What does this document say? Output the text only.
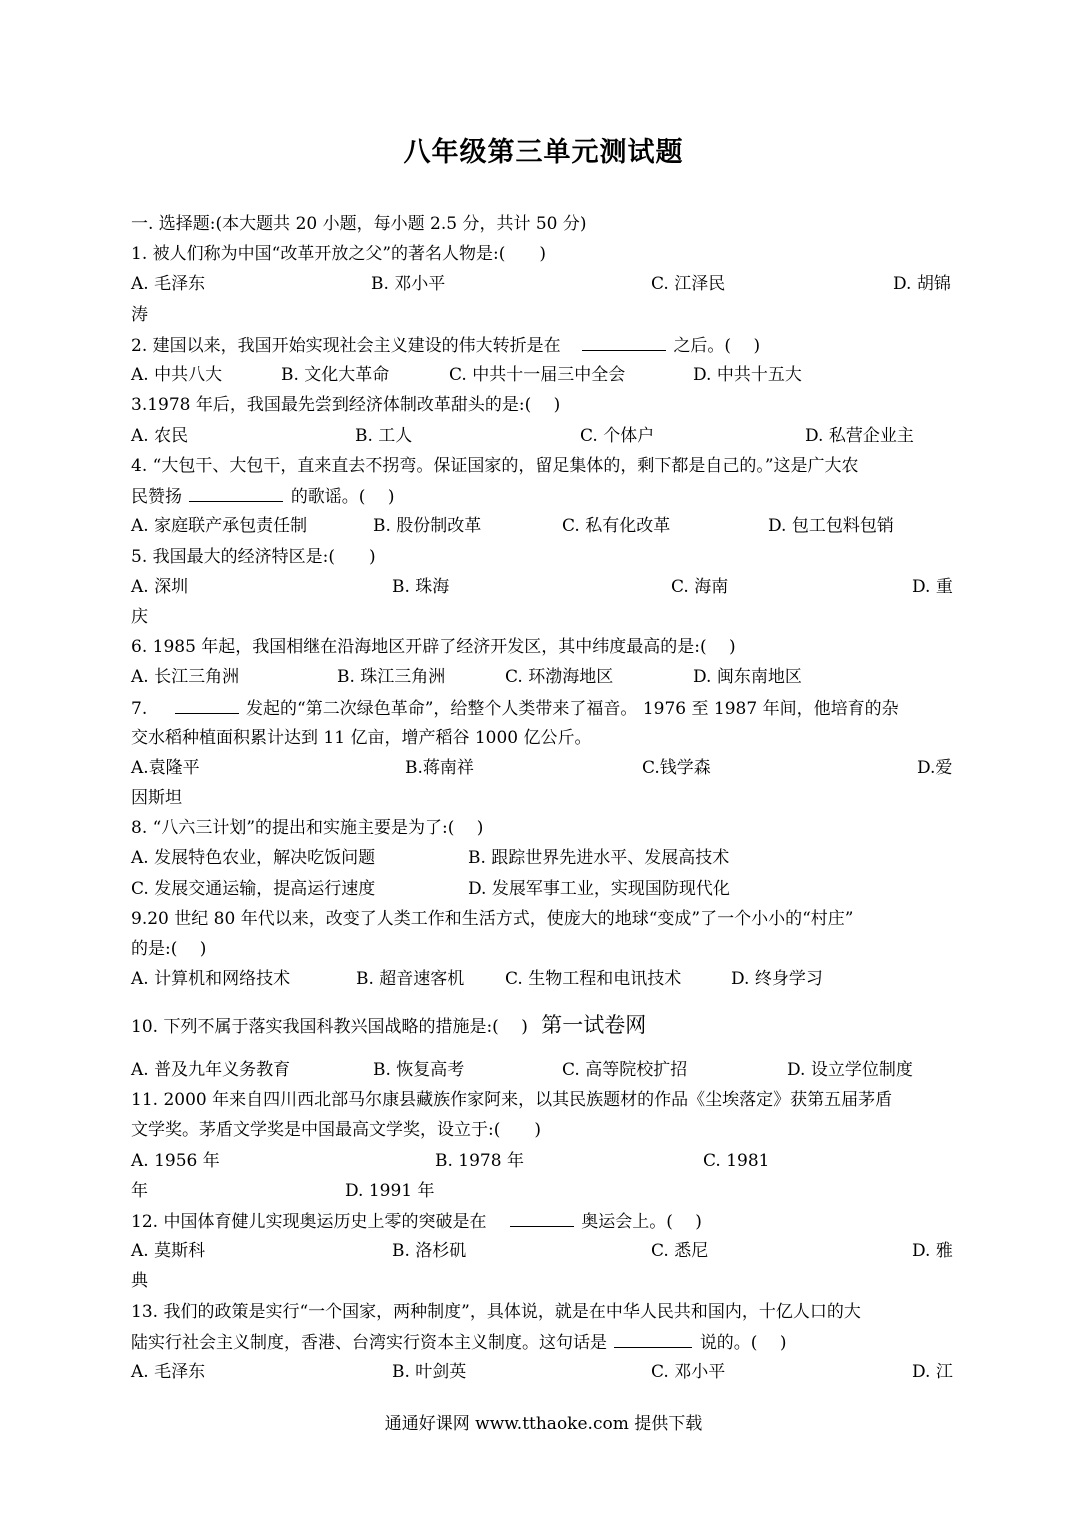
八年级第三单元测试题
一. 选择题:(本大题共 20 小题，每小题 2.5 分，共计 50 分)
1. 被人们称为中国“改革开放之父”的著名人物是:(　　)
A. 毛泽东	B. 邓小平	C. 江泽民	D. 胡锦
涛
2. 建国以来，我国开始实现社会主义建设的伟大转折是在	之后。(　 )
A. 中共八大	B. 文化大革命	C. 中共十一届三中全会	D. 中共十五大
3.1978 年后，我国最先尝到经济体制改革甜头的是:(　 )
A. 农民	B. 工人	C. 个体户	D. 私营企业主
4. “大包干、大包干，直来直去不拐弯。保证国家的，留足集体的，剩下都是自己的。”这是广大农
民赞扬	的歌谣。(　 )
A. 家庭联产承包责任制	B. 股份制改革	C. 私有化改革	D. 包工包料包销
5. 我国最大的经济特区是:(　　)
A. 深圳	B. 珠海	C. 海南	D. 重
庆
6. 1985 年起，我国相继在沿海地区开辟了经济开发区，其中纬度最高的是:(　 )
A. 长江三角洲	B. 珠江三角洲	C. 环渤海地区	D. 闽东南地区
7.	发起的“第二次绿色革命”，给整个人类带来了福音。 1976 至 1987 年间，他培育的杂
交水稻种植面积累计达到 11 亿亩，增产稻谷 1000 亿公斤。
A.袁隆平	B.蒋南祥	C.钱学森	D.爱
因斯坦
8. “八六三计划”的提出和实施主要是为了:(　 )
A. 发展特色农业，解决吃饭问题	B. 跟踪世界先进水平、发展高技术
C. 发展交通运输，提高运行速度	D. 发展军事工业，实现国防现代化
9.20 世纪 80 年代以来，改变了人类工作和生活方式，使庞大的地球“变成”了一个小小的“村庄”
的是:(　 )
A. 计算机和网络技术	B. 超音速客机 C. 生物工程和电讯技术	D. 终身学习
10. 下列不属于落实我国科教兴国战略的措施是:(　 ) 第一试卷网
A. 普及九年义务教育	B. 恢复高考	C. 高等院校扩招	D. 设立学位制度
11. 2000 年来自四川西北部马尔康县藏族作家阿来，以其民族题材的作品《尘埃落定》获第五届茅盾
文学奖。茅盾文学奖是中国最高文学奖，设立于:(　　)
A. 1956 年	B. 1978 年	C. 1981
年	D. 1991 年
12. 中国体育健儿实现奥运历史上零的突破是在	奥运会上。(　 )
A. 莫斯科	B. 洛杉矶	C. 悉尼	D. 雅
典
13. 我们的政策是实行“一个国家，两种制度”，具体说，就是在中华人民共和国内，十亿人口的大
陆实行社会主义制度，香港、台湾实行资本主义制度。这句话是	说的。(　 )
A. 毛泽东	B. 叶剑英	C. 邓小平	D. 江
通通好课网 www.tthaoke.com 提供下载
